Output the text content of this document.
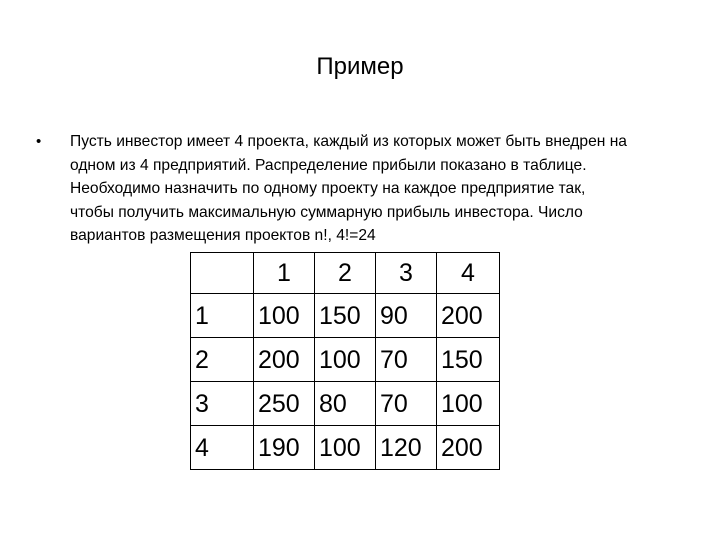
Пример
• Пусть инвестор имеет 4 проекта, каждый из которых может быть внедрен на одном из 4 предприятий. Распределение прибыли показано в таблице. Необходимо назначить по одному проекту на каждое предприятие так, чтобы получить максимальную суммарную прибыль инвестора. Число вариантов размещения проектов n!, 4!=24
	1	2	3	4
1	100	150	90	200
2	200	100	70	150
3	250	80	70	100
4	190	100	120	200
